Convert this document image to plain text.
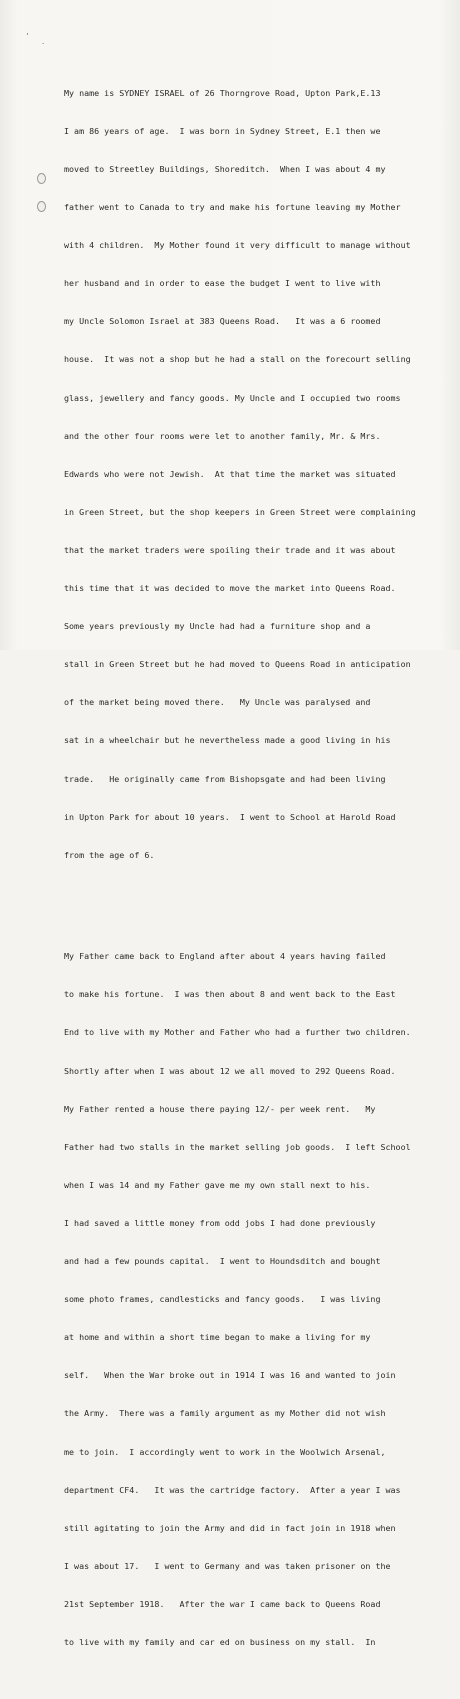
⋅
·

My name is SYDNEY ISRAEL of 26 Thorngrove Road, Upton Park,E.13

I am 86 years of age.  I was born in Sydney Street, E.1 then we

moved to Streetley Buildings, Shoreditch.  When I was about 4 my

father went to Canada to try and make his fortune leaving my Mother

with 4 children.  My Mother found it very difficult to manage without

her husband and in order to ease the budget I went to live with

my Uncle Solomon Israel at 383 Queens Road.   It was a 6 roomed

house.  It was not a shop but he had a stall on the forecourt selling

glass, jewellery and fancy goods. My Uncle and I occupied two rooms

and the other four rooms were let to another family, Mr. & Mrs.

Edwards who were not Jewish.  At that time the market was situated

in Green Street, but the shop keepers in Green Street were complaining

that the market traders were spoiling their trade and it was about

this time that it was decided to move the market into Queens Road.

Some years previously my Uncle had had a furniture shop and a

stall in Green Street but he had moved to Queens Road in anticipation

of the market being moved there.   My Uncle was paralysed and

sat in a wheelchair but he nevertheless made a good living in his

trade.   He originally came from Bishopsgate and had been living

in Upton Park for about 10 years.  I went to School at Harold Road

from the age of 6.

My Father came back to England after about 4 years having failed

to make his fortune.  I was then about 8 and went back to the East

End to live with my Mother and Father who had a further two children.

Shortly after when I was about 12 we all moved to 292 Queens Road.

My Father rented a house there paying 12/- per week rent.   My

Father had two stalls in the market selling job goods.  I left School

when I was 14 and my Father gave me my own stall next to his.

I had saved a little money from odd jobs I had done previously

and had a few pounds capital.  I went to Houndsditch and bought

some photo frames, candlesticks and fancy goods.   I was living

at home and within a short time began to make a living for my

self.   When the War broke out in 1914 I was 16 and wanted to join

the Army.  There was a family argument as my Mother did not wish

me to join.  I accordingly went to work in the Woolwich Arsenal,

department CF4.   It was the cartridge factory.  After a year I was

still agitating to join the Army and did in fact join in 1918 when

I was about 17.   I went to Germany and was taken prisoner on the

21st September 1918.   After the war I came back to Queens Road

to live with my family and car ed on business on my stall.  In
